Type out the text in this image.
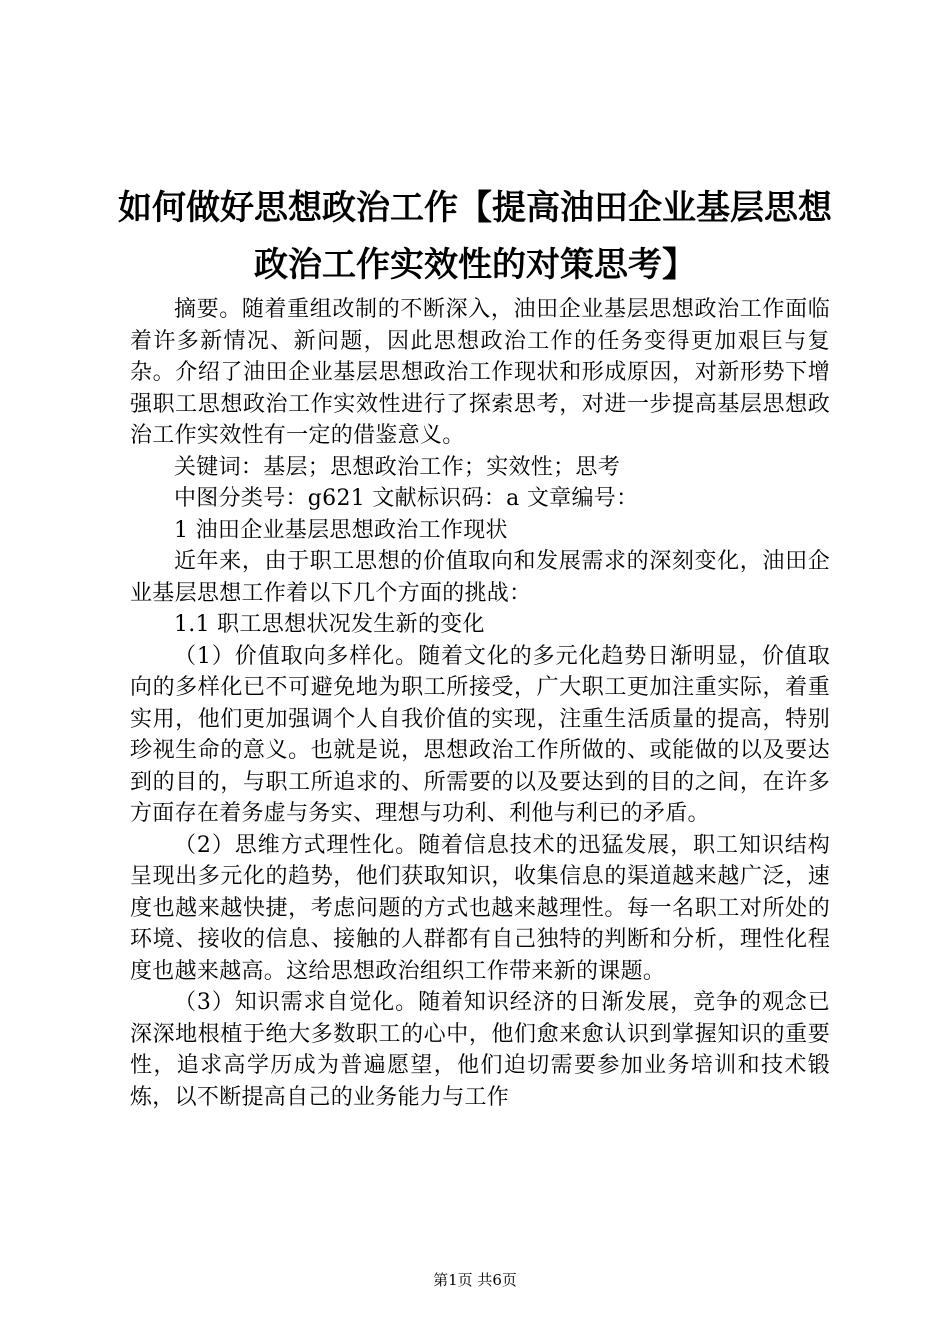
如何做好思想政治工作【提高油田企业基层思想政治工作实效性的对策思考】

摘要。随着重组改制的不断深入，油田企业基层思想政治工作面临着许多新情况、新问题，因此思想政治工作的任务变得更加艰巨与复杂。介绍了油田企业基层思想政治工作现状和形成原因，对新形势下增强职工思想政治工作实效性进行了探索思考，对进一步提高基层思想政治工作实效性有一定的借鉴意义。

关键词：基层；思想政治工作；实效性；思考

中图分类号：g621 文献标识码：a 文章编号：

1 油田企业基层思想政治工作现状

近年来，由于职工思想的价值取向和发展需求的深刻变化，油田企业基层思想工作着以下几个方面的挑战：

1.1 职工思想状况发生新的变化

（1）价值取向多样化。随着文化的多元化趋势日渐明显，价值取向的多样化已不可避免地为职工所接受，广大职工更加注重实际，着重实用，他们更加强调个人自我价值的实现，注重生活质量的提高，特别珍视生命的意义。也就是说，思想政治工作所做的、或能做的以及要达到的目的，与职工所追求的、所需要的以及要达到的目的之间，在许多方面存在着务虚与务实、理想与功利、利他与利已的矛盾。

（2）思维方式理性化。随着信息技术的迅猛发展，职工知识结构呈现出多元化的趋势，他们获取知识，收集信息的渠道越来越广泛，速度也越来越快捷，考虑问题的方式也越来越理性。每一名职工对所处的环境、接收的信息、接触的人群都有自己独特的判断和分析，理性化程度也越来越高。这给思想政治组织工作带来新的课题。

（3）知识需求自觉化。随着知识经济的日渐发展，竞争的观念已深深地根植于绝大多数职工的心中，他们愈来愈认识到掌握知识的重要性，追求高学历成为普遍愿望，他们迫切需要参加业务培训和技术锻炼，以不断提高自己的业务能力与工作

第1页 共6页
